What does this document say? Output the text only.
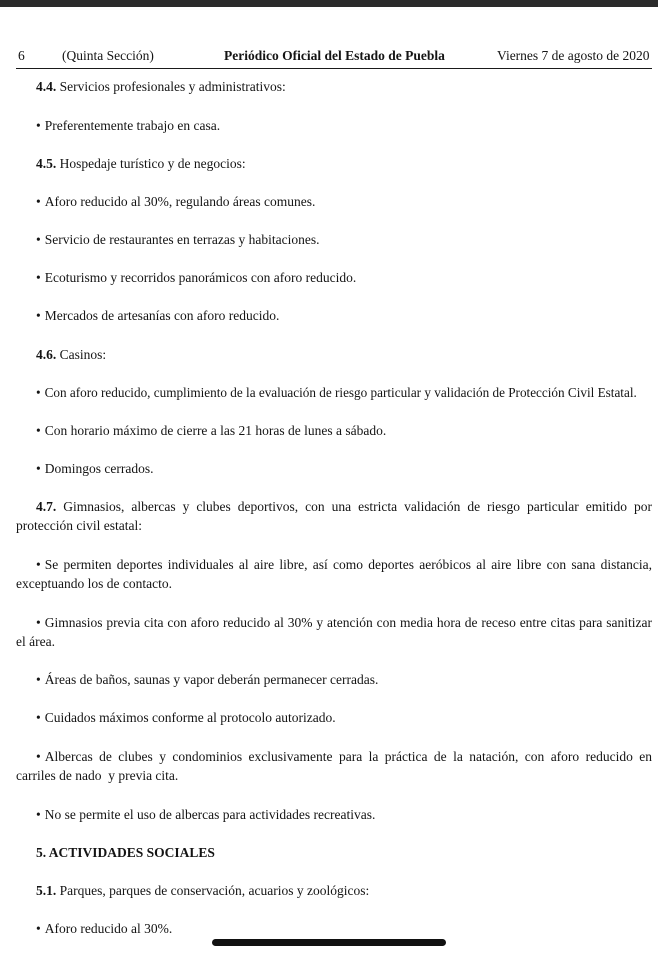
6	(Quinta Sección)	Periódico Oficial del Estado de Puebla	Viernes 7 de agosto de 2020
4.4. Servicios profesionales y administrativos:
• Preferentemente trabajo en casa.
4.5. Hospedaje turístico y de negocios:
• Aforo reducido al 30%, regulando áreas comunes.
• Servicio de restaurantes en terrazas y habitaciones.
• Ecoturismo y recorridos panorámicos con aforo reducido.
• Mercados de artesanías con aforo reducido.
4.6. Casinos:
• Con aforo reducido, cumplimiento de la evaluación de riesgo particular y validación de Protección Civil Estatal.
• Con horario máximo de cierre a las 21 horas de lunes a sábado.
• Domingos cerrados.
4.7. Gimnasios, albercas y clubes deportivos, con una estricta validación de riesgo particular emitido por
protección civil estatal:
• Se permiten deportes individuales al aire libre, así como deportes aeróbicos al aire libre con sana distancia,
exceptuando los de contacto.
• Gimnasios previa cita con aforo reducido al 30% y atención con media hora de receso entre citas para sanitizar
el área.
• Áreas de baños, saunas y vapor deberán permanecer cerradas.
• Cuidados máximos conforme al protocolo autorizado.
• Albercas de clubes y condominios exclusivamente para la práctica de la natación, con aforo reducido en
carriles de nado  y previa cita.
• No se permite el uso de albercas para actividades recreativas.
5. ACTIVIDADES SOCIALES
5.1. Parques, parques de conservación, acuarios y zoológicos:
• Aforo reducido al 30%.
